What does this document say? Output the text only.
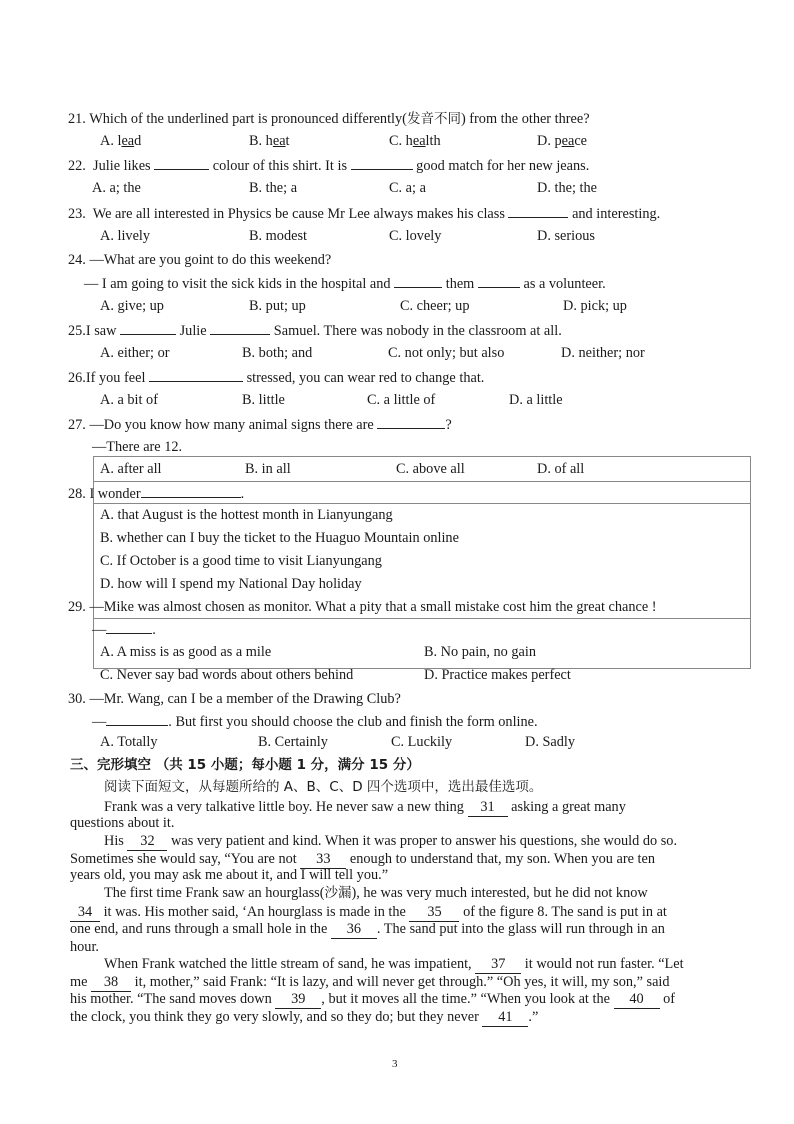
21. Which of the underlined part is pronounced differently(发音不同) from the other three?
A. lead	B. heat	C. health	D. peace
22. Julie likes	colour of this shirt. It is	good match for her new jeans.
A. a; the	B. the; a	C. a; a	D. the; the
23. We are all interested in Physics be cause Mr Lee always makes his class	and interesting.
A. lively	B. modest	C. lovely	D. serious
24. —What are you goint to do this weekend?
— I am going to visit the sick kids in the hospital and	them	as a volunteer.
A. give; up	B. put; up	C. cheer; up	D. pick; up
25.I saw	Julie	Samuel. There was nobody in the classroom at all.
A. either; or	B. both; and	C. not only; but also	D. neither; nor
26.If you feel	stressed, you can wear red to change that.
A. a bit of	B. little	C. a little of	D. a little
27. —Do you know how many animal signs there are	?
—There are 12.
A. after all	B. in all	C. above all	D. of all
28. I wonder	.
A. that August is the hottest month in Lianyungang
B. whether can I buy the ticket to the Huaguo Mountain online
C. If October is a good time to visit Lianyungang
D. how will I spend my National Day holiday
29. —Mike was almost chosen as monitor. What a pity that a small mistake cost him the great chance !
—	.
A. A miss is as good as a mile	B. No pain, no gain
C. Never say bad words about others behind	D. Practice makes perfect
30. —Mr. Wang, can I be a member of the Drawing Club?
—	. But first you should choose the club and finish the form online.
A. Totally	B. Certainly	C. Luckily	D. Sadly
三、完形填空 （共 15 小题；每小题 1 分，满分 15 分）
阅读下面短文，从每题所给的 A、B、C、D 四个选项中，选出最佳选项。
Frank was a very talkative little boy. He never saw a new thing 31 asking a great many
questions about it.
His 32 was very patient and kind. When it was proper to answer his questions, she would do so.
Sometimes she would say, “You are not 33 enough to understand that, my son. When you are ten
years old, you may ask me about it, and I will tell you.”
The first time Frank saw an hourglass(沙漏), he was very much interested, but he did not know
34 it was. His mother said, ‘An hourglass is made in the 35 of the figure 8. The sand is put in at
one end, and runs through a small hole in the 36 . The sand put into the glass will run through in an
hour.
When Frank watched the little stream of sand, he was impatient, 37 it would not run faster. “Let
me 38 it, mother,” said Frank: “It is lazy, and will never get through.” “Oh yes, it will, my son,” said
his mother. “The sand moves down 39 , but it moves all the time.” “When you look at the 40 of
the clock, you think they go very slowly, and so they do; but they never 41 .”
3
